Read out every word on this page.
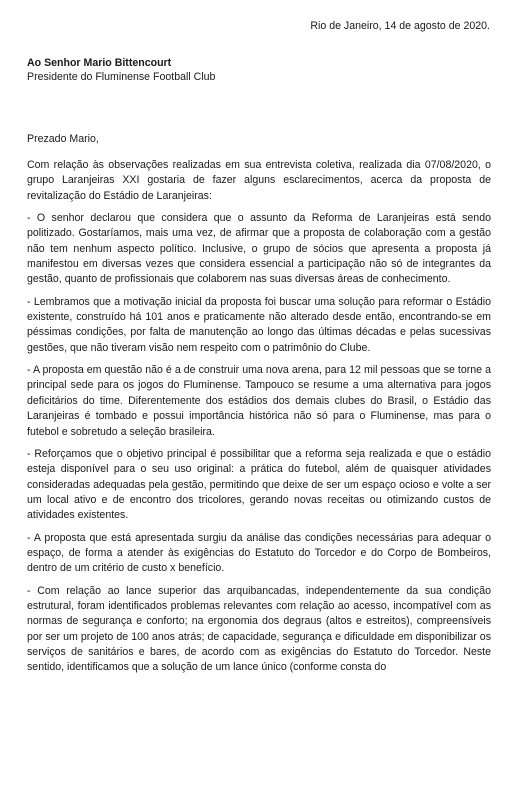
Rio de Janeiro, 14 de agosto de 2020.
Ao Senhor Mario Bittencourt
Presidente do Fluminense Football Club
Prezado Mario,

Com relação às observações realizadas em sua entrevista coletiva, realizada dia 07/08/2020, o grupo Laranjeiras XXI gostaria de fazer alguns esclarecimentos, acerca da proposta de revitalização do Estádio de Laranjeiras:

- O senhor declarou que considera que o assunto da Reforma de Laranjeiras está sendo politizado. Gostaríamos, mais uma vez, de afirmar que a proposta de colaboração com a gestão não tem nenhum aspecto político. Inclusive, o grupo de sócios que apresenta a proposta já manifestou em diversas vezes que considera essencial a participação não só de integrantes da gestão, quanto de profissionais que colaborem nas suas diversas áreas de conhecimento.

- Lembramos que a motivação inicial da proposta foi buscar uma solução para reformar o Estádio existente, construído há 101 anos e praticamente não alterado desde então, encontrando-se em péssimas condições, por falta de manutenção ao longo das últimas décadas e pelas sucessivas gestões, que não tiveram visão nem respeito com o patrimônio do Clube.

- A proposta em questão não é a de construir uma nova arena, para 12 mil pessoas que se torne a principal sede para os jogos do Fluminense. Tampouco se resume a uma alternativa para jogos deficitários do time. Diferentemente dos estádios dos demais clubes do Brasil, o Estádio das Laranjeiras é tombado e possui importância histórica não só para o Fluminense, mas para o futebol e sobretudo a seleção brasileira.

- Reforçamos que o objetivo principal é possibilitar que a reforma seja realizada e que o estádio esteja disponível para o seu uso original: a prática do futebol, além de quaisquer atividades consideradas adequadas pela gestão, permitindo que deixe de ser um espaço ocioso e volte a ser um local ativo e de encontro dos tricolores, gerando novas receitas ou otimizando custos de atividades existentes.

- A proposta que está apresentada surgiu da análise das condições necessárias para adequar o espaço, de forma a atender às exigências do Estatuto do Torcedor e do Corpo de Bombeiros, dentro de um critério de custo x benefício.

- Com relação ao lance superior das arquibancadas, independentemente da sua condição estrutural, foram identificados problemas relevantes com relação ao acesso, incompatível com as normas de segurança e conforto; na ergonomia dos degraus (altos e estreitos), compreensíveis por ser um projeto de 100 anos atrás; de capacidade, segurança e dificuldade em disponibilizar os serviços de sanitários e bares, de acordo com as exigências do Estatuto do Torcedor. Neste sentido, identificamos que a solução de um lance único (conforme consta do
